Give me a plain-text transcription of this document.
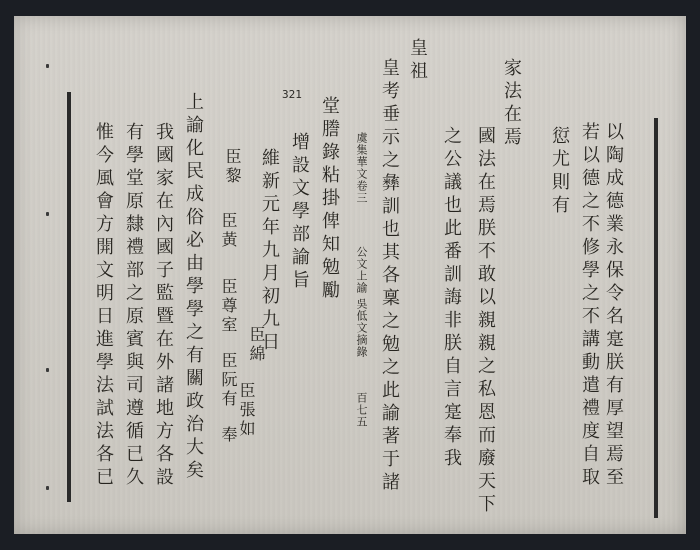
321
以陶成德業永保令名寔朕有厚望焉至
若以德之不修學之不講動遣禮度自取
愆尤則有
家法在焉
國法在焉朕不敢以親親之私恩而廢天下
之公議也此番訓誨非朕自言寔奉我
皇祖
皇考垂示之彝訓也其各稟之勉之此諭著于諸
虞集華文卷三
公文上諭
吳低文摘錄
百七五
堂謄錄粘掛俾知勉勵
增設文學部諭旨
維新元年九月初九日
臣綿
臣張如
臣黎
臣黃
臣尊室
臣阮有
奉
上諭化民成俗必由學學之有關政治大矣
我國家在內國子監暨在外諸地方各設
有學堂原隸禮部之原賓與司遵循已久
惟今風會方開文明日進學法試法各已
